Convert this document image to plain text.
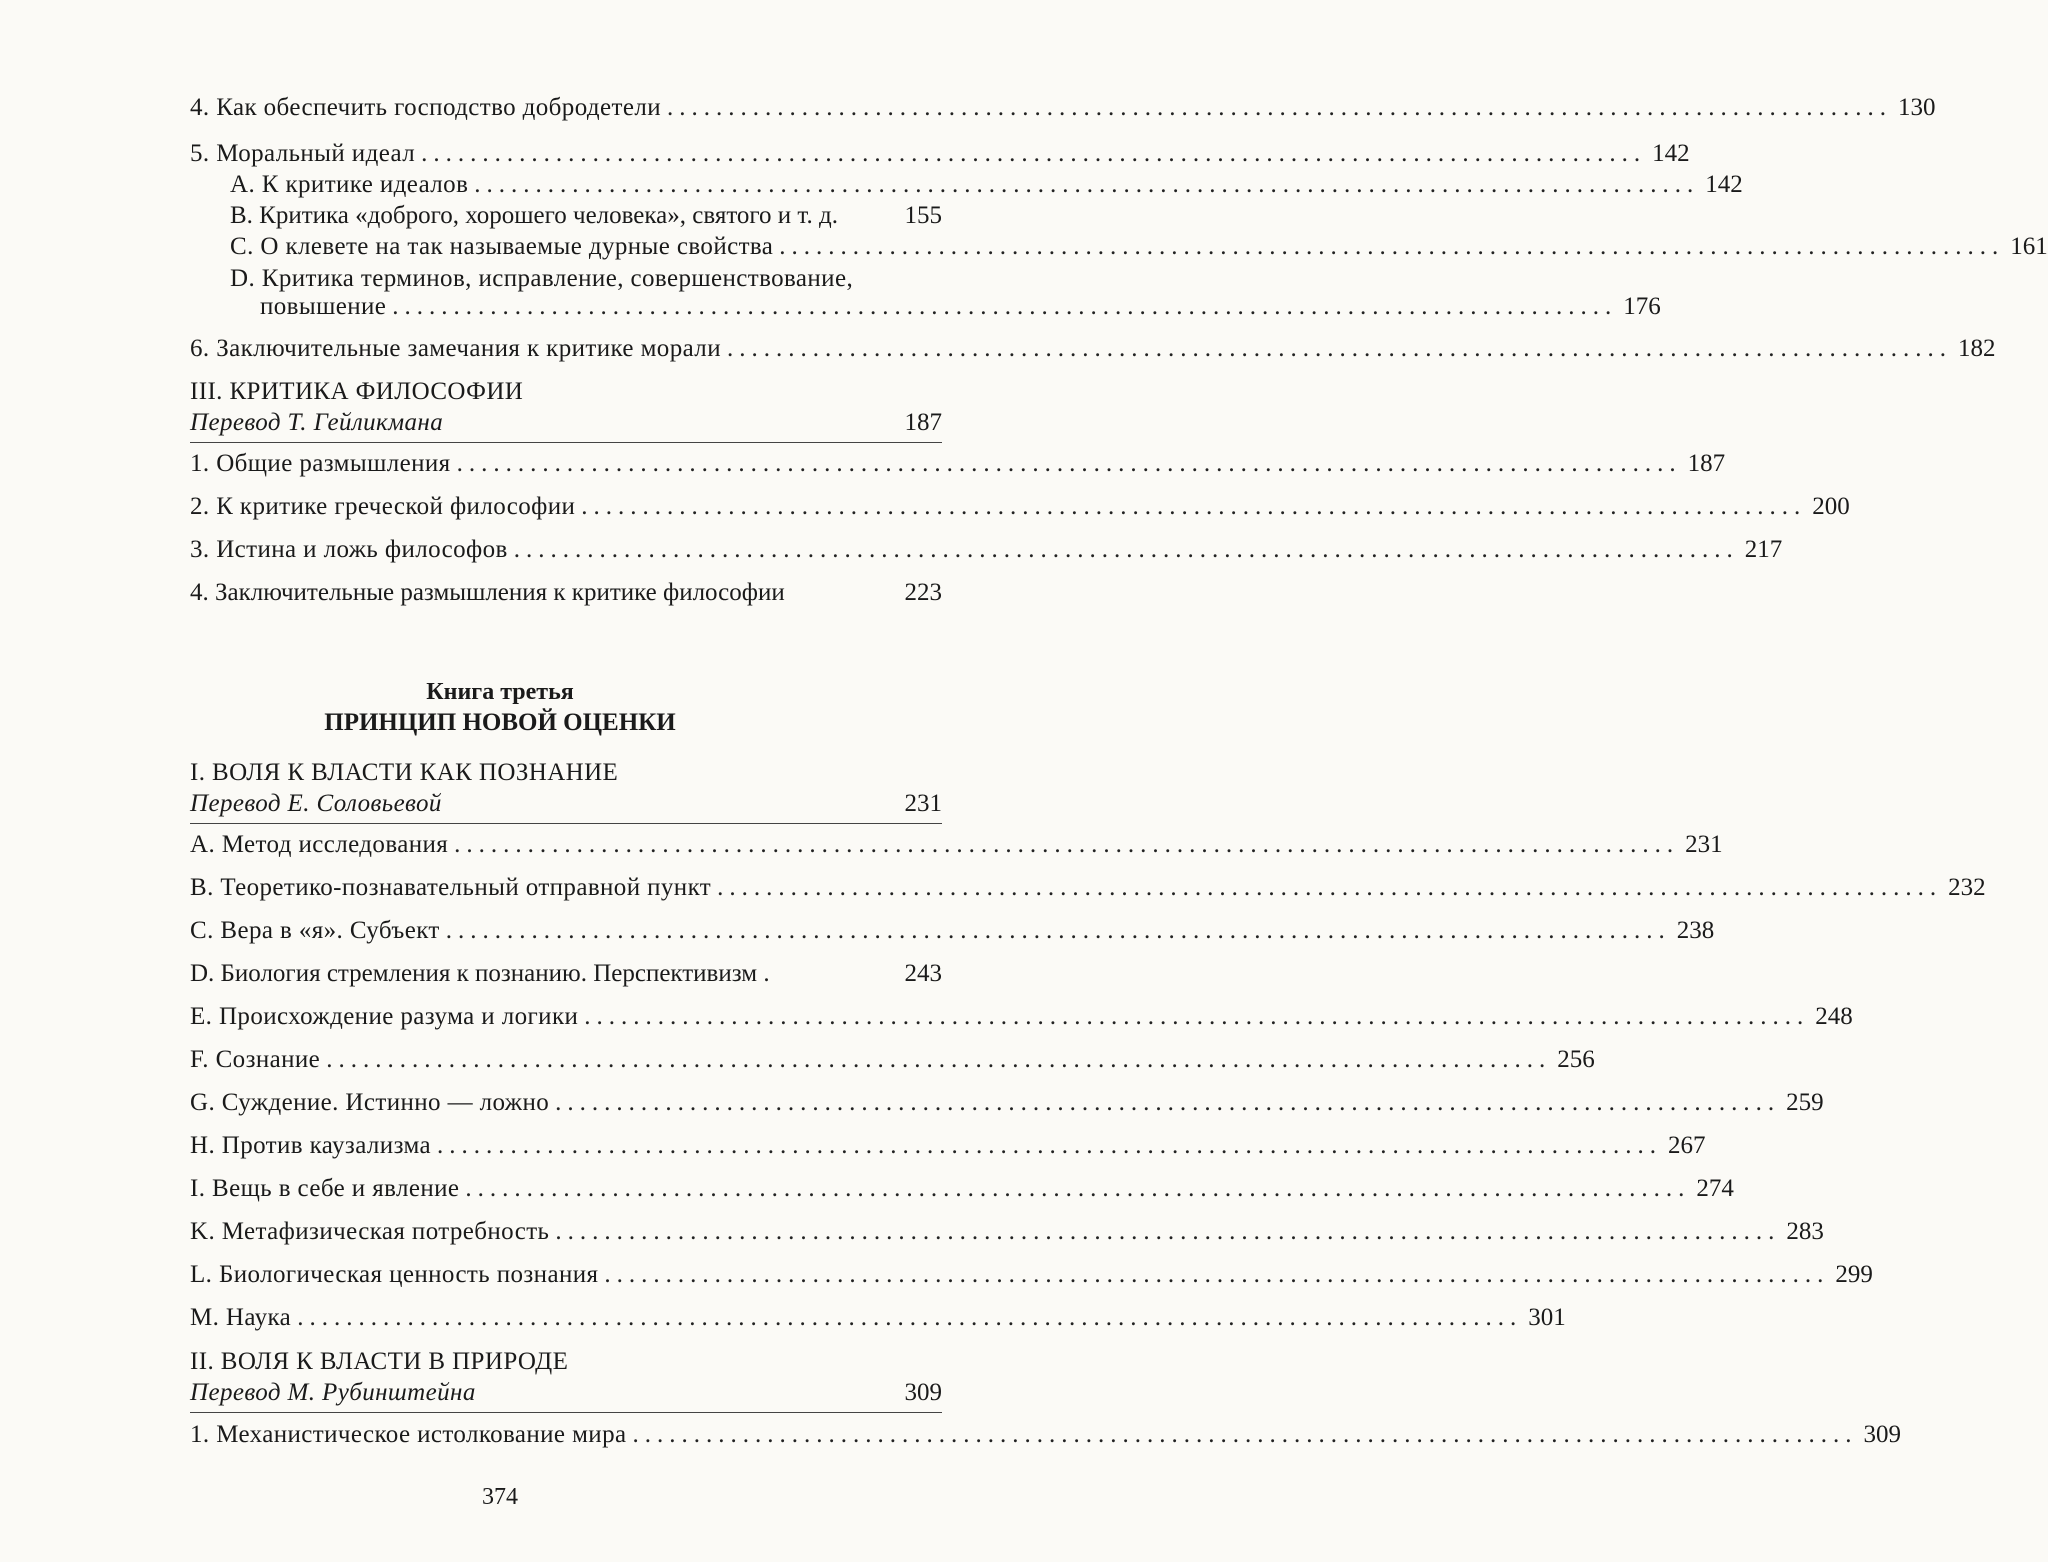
4. Как обеспечить господство добродетели .................................................................................................... 130
5. Моральный идеал .................................................................................................... 142
A. К критике идеалов .................................................................................................... 142
B. Критика «доброго, хорошего человека», святого и т. д.	155
C. О клевете на так называемые дурные свойства .................................................................................................... 161
D. Критика терминов, исправление, совершенствование,
повышение .................................................................................................... 176
6. Заключительные замечания к критике морали .................................................................................................... 182
III. КРИТИКА ФИЛОСОФИИ
Перевод Т. Гейликмана	187
1. Общие размышления .................................................................................................... 187
2. К критике греческой философии .................................................................................................... 200
3. Истина и ложь философов .................................................................................................... 217
4. Заключительные размышления к критике философии	223
Книга третья
ПРИНЦИП НОВОЙ ОЦЕНКИ
I. ВОЛЯ К ВЛАСТИ КАК ПОЗНАНИЕ
Перевод Е. Соловьевой	231
A. Метод исследования .................................................................................................... 231
B. Теоретико-познавательный отправной пункт .................................................................................................... 232
C. Вера в «я». Субъект .................................................................................................... 238
D. Биология стремления к познанию. Перспективизм .	243
E. Происхождение разума и логики .................................................................................................... 248
F. Сознание .................................................................................................... 256
G. Суждение. Истинно — ложно .................................................................................................... 259
H. Против каузализма .................................................................................................... 267
I. Вещь в себе и явление .................................................................................................... 274
K. Метафизическая потребность .................................................................................................... 283
L. Биологическая ценность познания .................................................................................................... 299
M. Наука .................................................................................................... 301
II. ВОЛЯ К ВЛАСТИ В ПРИРОДЕ
Перевод М. Рубинштейна	309
1. Механистическое истолкование мира .................................................................................................... 309
374
